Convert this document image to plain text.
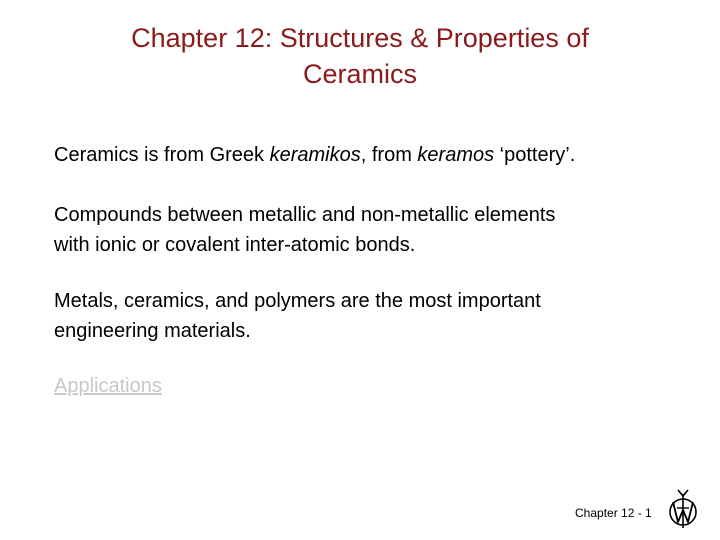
Chapter 12: Structures & Properties of
Ceramics
Ceramics is from Greek keramikos, from keramos ‘pottery’.
Compounds between metallic and non-metallic elements
with ionic or covalent inter-atomic bonds.
Metals, ceramics, and polymers are the most important
engineering materials.
Applications
Chapter 12 - 1
